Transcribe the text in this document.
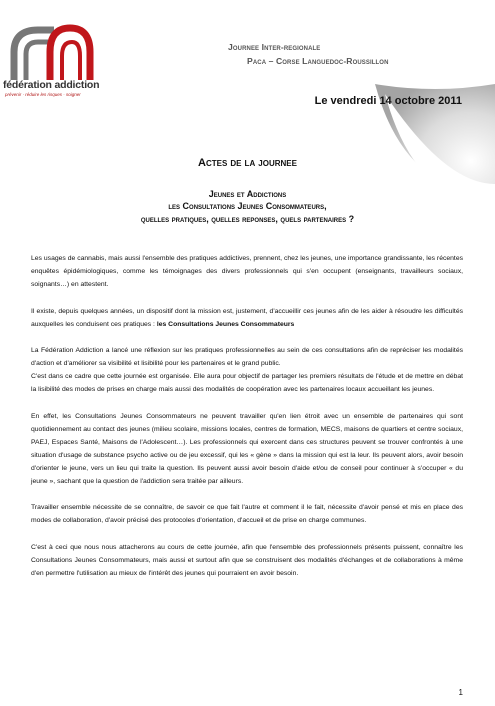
fédération addiction
prévenir · réduire les risques · soigner
Journee Inter-regionale
Paca – Corse Languedoc-Roussillon
Le vendredi 14 octobre 2011
Actes de la journee
Jeunes et Addictions
les Consultations Jeunes Consommateurs,
quelles pratiques, quelles reponses, quels partenaires ?

Les usages de cannabis, mais aussi l'ensemble des pratiques addictives, prennent, chez les jeunes, une importance grandissante, les récentes enquêtes épidémiologiques, comme les témoignages des divers professionnels qui s'en occupent (enseignants, travailleurs sociaux, soignants…) en attestent.

Il existe, depuis quelques années, un dispositif dont la mission est, justement, d'accueillir ces jeunes afin de les aider à résoudre les difficultés auxquelles les conduisent ces pratiques : les Consultations Jeunes Consommateurs

La Fédération Addiction a lancé une réflexion sur les pratiques professionnelles au sein de ces consultations afin de repréciser les modalités d'action et d'améliorer sa visibilité et lisibilité pour les partenaires et le grand public.

C'est dans ce cadre que cette journée est organisée. Elle aura pour objectif de partager les premiers résultats de l'étude et de mettre en débat la lisibilité des modes de prises en charge mais aussi des modalités de coopération avec les partenaires locaux accueillant les jeunes.

En effet, les Consultations Jeunes Consommateurs ne peuvent travailler qu'en lien étroit avec un ensemble de partenaires qui sont quotidiennement au contact des jeunes (milieu scolaire, missions locales, centres de formation, MECS, maisons de quartiers et centre sociaux, PAEJ, Espaces Santé, Maisons de l'Adolescent…). Les professionnels qui exercent dans ces structures peuvent se trouver confrontés à une situation d'usage de substance psycho active ou de jeu excessif, qui les « gène » dans la mission qui est la leur. Ils peuvent alors, avoir besoin d'orienter le jeune, vers un lieu qui traite la question. Ils peuvent aussi avoir besoin d'aide et/ou de conseil pour continuer à s'occuper « du jeune », sachant que la question de l'addiction sera traitée par ailleurs.

Travailler ensemble nécessite de se connaître, de savoir ce que fait l'autre et comment il le fait, nécessite d'avoir pensé et mis en place des modes de collaboration, d'avoir précisé des protocoles d'orientation, d'accueil et de prise en charge communes.

C'est à ceci que nous nous attacherons au cours de cette journée, afin que l'ensemble des professionnels présents puissent, connaître les Consultations Jeunes Consommateurs, mais aussi et surtout afin que se construisent des modalités d'échanges et de collaborations à même d'en permettre l'utilisation au mieux de l'intérêt des jeunes qui pourraient en avoir besoin.

1
